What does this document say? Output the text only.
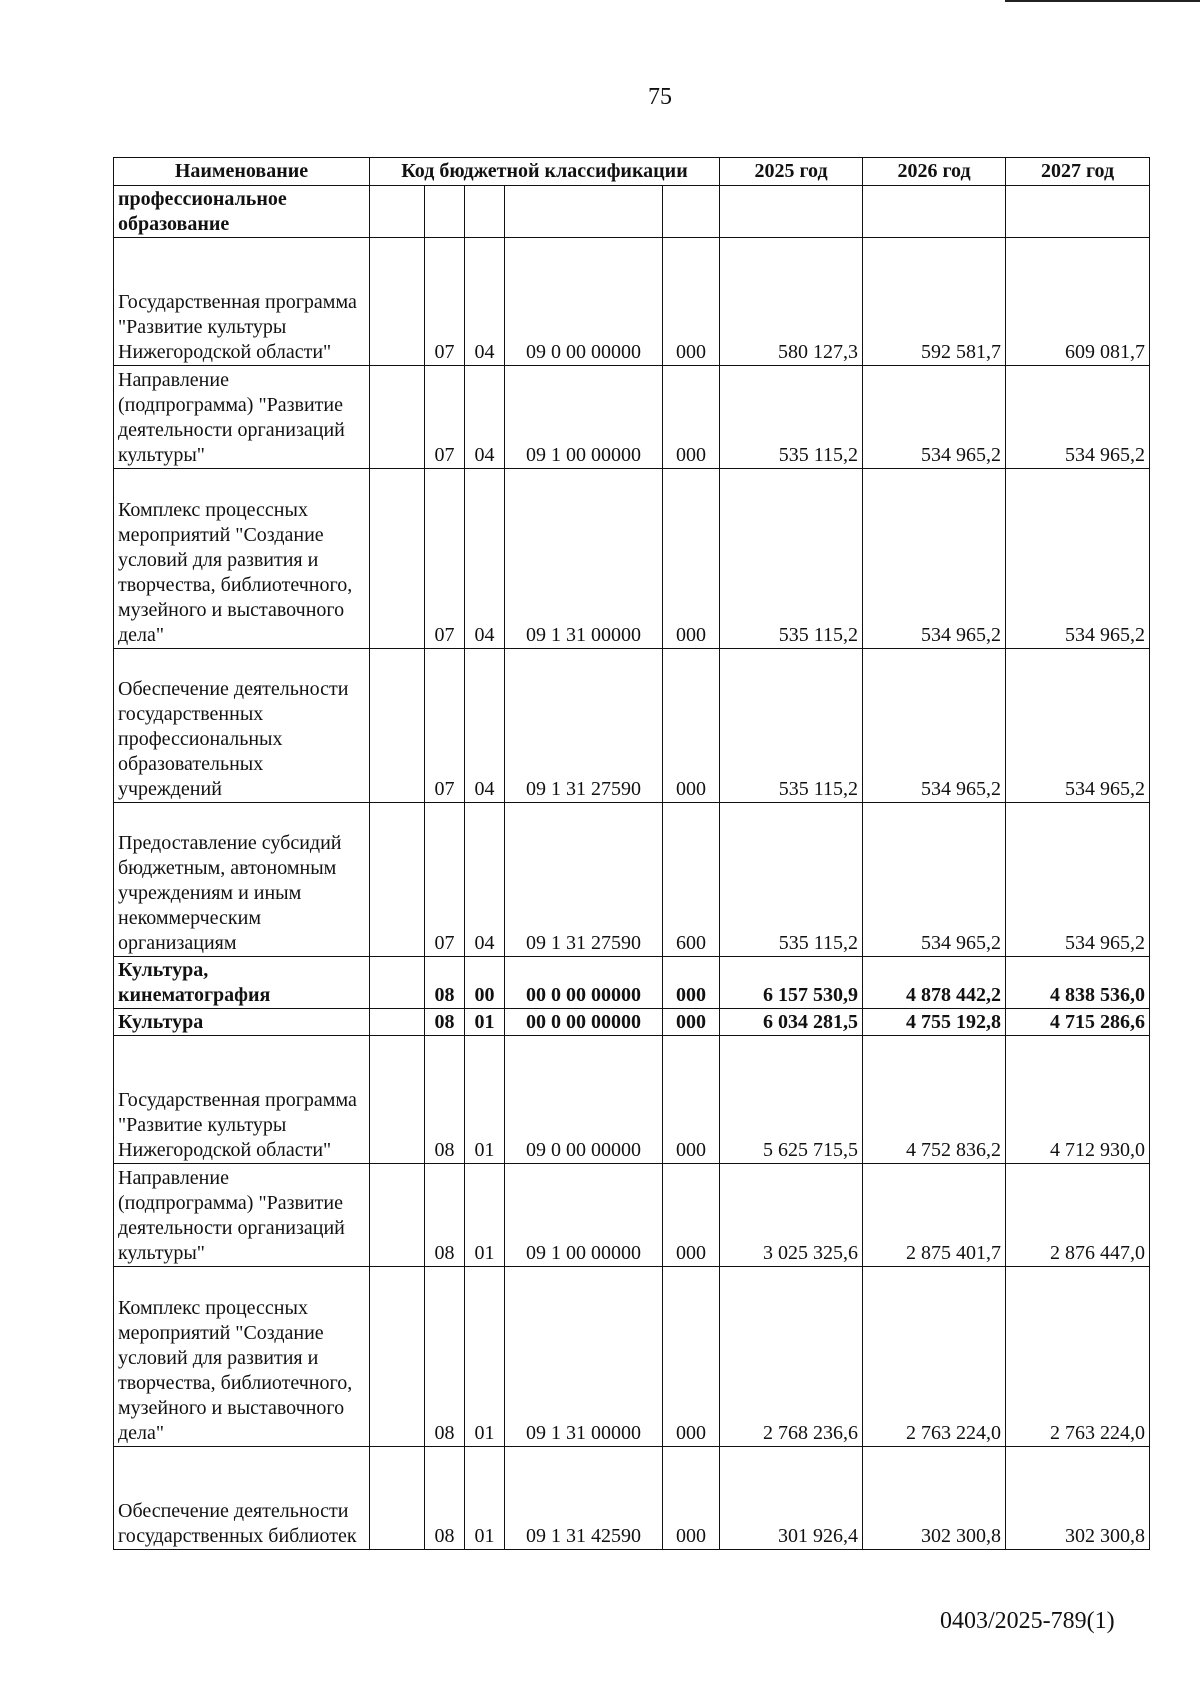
75
Наименование	Код бюджетной классификации					2025 год	2026 год	2027 год
профессиональное образование								
Государственная программа "Развитие культуры Нижегородской области"		07	04	09 0 00 00000	000	580 127,3	592 581,7	609 081,7
Направление (подпрограмма) "Развитие деятельности организаций культуры"		07	04	09 1 00 00000	000	535 115,2	534 965,2	534 965,2
Комплекс процессных мероприятий "Создание условий для развития и творчества, библиотечного, музейного и выставочного дела"		07	04	09 1 31 00000	000	535 115,2	534 965,2	534 965,2
Обеспечение деятельности государственных профессиональных образовательных учреждений		07	04	09 1 31 27590	000	535 115,2	534 965,2	534 965,2
Предоставление субсидий бюджетным, автономным учреждениям и иным некоммерческим организациям		07	04	09 1 31 27590	600	535 115,2	534 965,2	534 965,2
Культура, кинематография		08	00	00 0 00 00000	000	6 157 530,9	4 878 442,2	4 838 536,0
Культура		08	01	00 0 00 00000	000	6 034 281,5	4 755 192,8	4 715 286,6
Государственная программа "Развитие культуры Нижегородской области"		08	01	09 0 00 00000	000	5 625 715,5	4 752 836,2	4 712 930,0
Направление (подпрограмма) "Развитие деятельности организаций культуры"		08	01	09 1 00 00000	000	3 025 325,6	2 875 401,7	2 876 447,0
Комплекс процессных мероприятий "Создание условий для развития и творчества, библиотечного, музейного и выставочного дела"		08	01	09 1 31 00000	000	2 768 236,6	2 763 224,0	2 763 224,0
Обеспечение деятельности государственных библиотек		08	01	09 1 31 42590	000	301 926,4	302 300,8	302 300,8
0403/2025-789(1)
